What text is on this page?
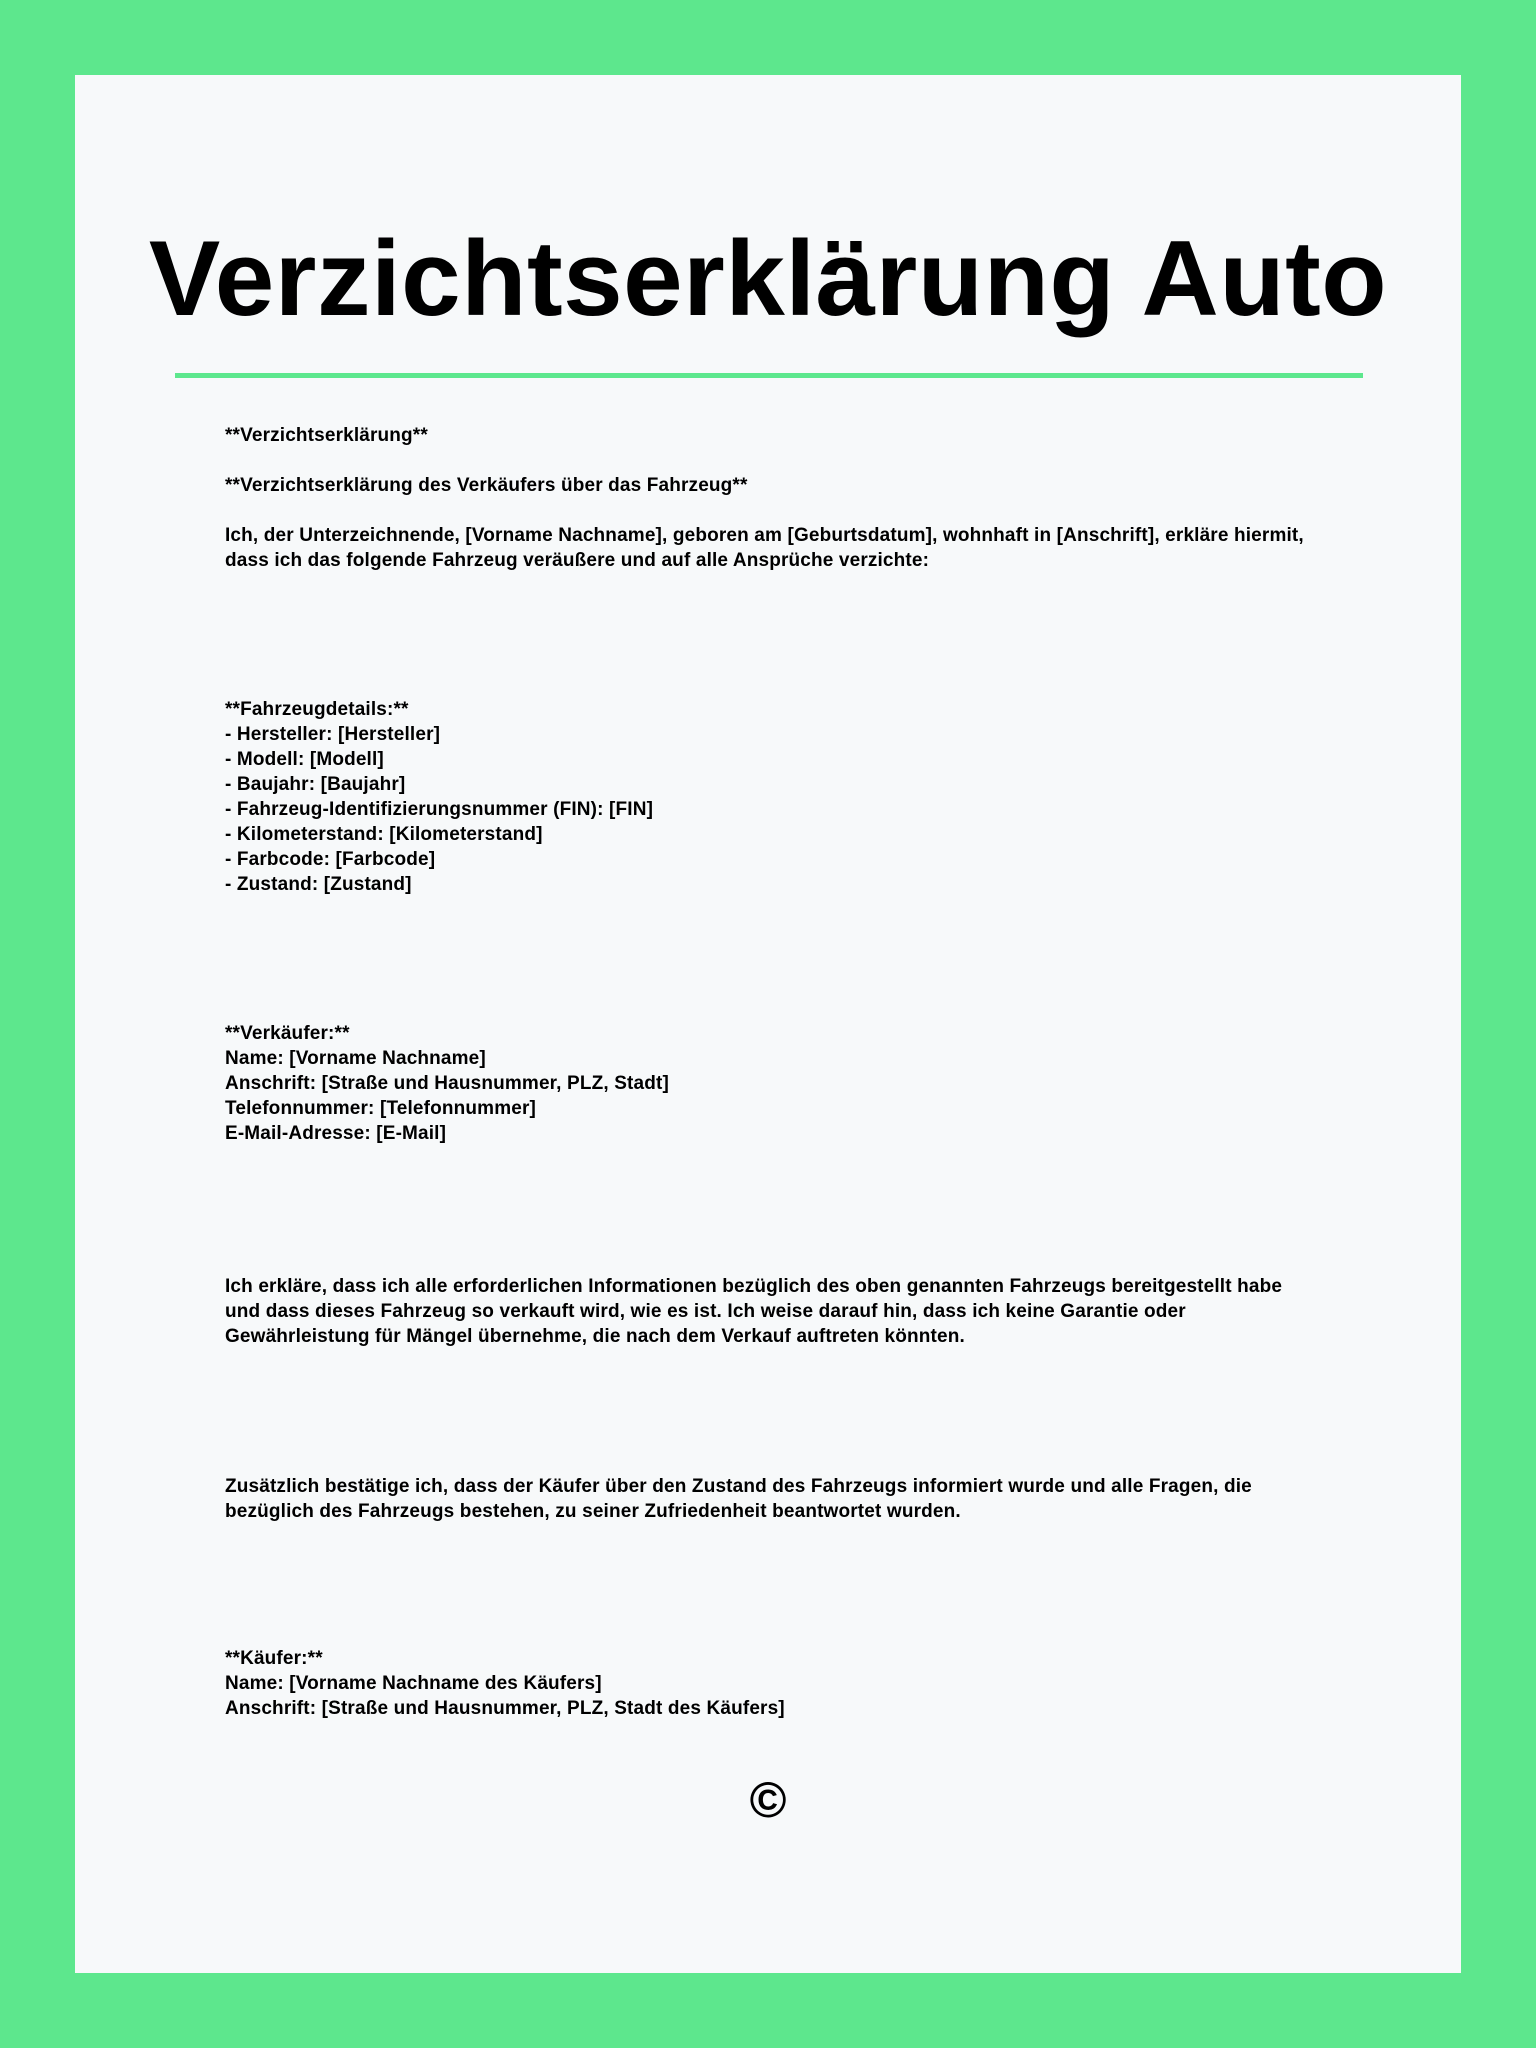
Verzichtserklärung Auto
**Verzichtserklärung**
**Verzichtserklärung des Verkäufers über das Fahrzeug**
Ich, der Unterzeichnende, [Vorname Nachname], geboren am [Geburtsdatum], wohnhaft in [Anschrift], erkläre hiermit,
dass ich das folgende Fahrzeug veräußere und auf alle Ansprüche verzichte:
**Fahrzeugdetails:**
- Hersteller: [Hersteller]
- Modell: [Modell]
- Baujahr: [Baujahr]
- Fahrzeug-Identifizierungsnummer (FIN): [FIN]
- Kilometerstand: [Kilometerstand]
- Farbcode: [Farbcode]
- Zustand: [Zustand]
**Verkäufer:**
Name: [Vorname Nachname]
Anschrift: [Straße und Hausnummer, PLZ, Stadt]
Telefonnummer: [Telefonnummer]
E-Mail-Adresse: [E-Mail]
Ich erkläre, dass ich alle erforderlichen Informationen bezüglich des oben genannten Fahrzeugs bereitgestellt habe
und dass dieses Fahrzeug so verkauft wird, wie es ist. Ich weise darauf hin, dass ich keine Garantie oder
Gewährleistung für Mängel übernehme, die nach dem Verkauf auftreten könnten.
Zusätzlich bestätige ich, dass der Käufer über den Zustand des Fahrzeugs informiert wurde und alle Fragen, die
bezüglich des Fahrzeugs bestehen, zu seiner Zufriedenheit beantwortet wurden.
**Käufer:**
Name: [Vorname Nachname des Käufers]
Anschrift: [Straße und Hausnummer, PLZ, Stadt des Käufers]
©
